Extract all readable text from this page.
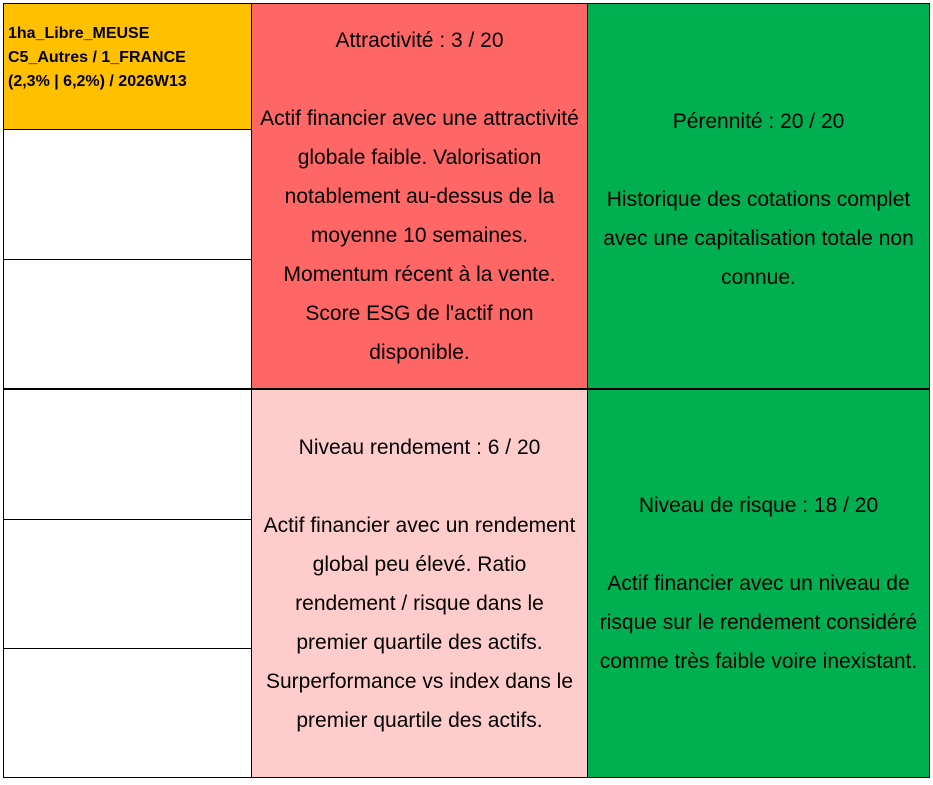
1ha_Libre_MEUSE
C5_Autres / 1_FRANCE
(2,3% | 6,2%) / 2026W13
Attractivité : 3 / 20
Actif financier avec une attractivité globale faible. Valorisation notablement au-dessus de la moyenne 10 semaines. Momentum récent à la vente. Score ESG de l'actif non disponible.
Pérennité : 20 / 20
Historique des cotations complet avec une capitalisation totale non connue.
Niveau rendement : 6 / 20
Actif financier avec un rendement global peu élevé. Ratio rendement / risque dans le premier quartile des actifs. Surperformance vs index dans le premier quartile des actifs.
Niveau de risque : 18 / 20
Actif financier avec un niveau de risque sur le rendement considéré comme très faible voire inexistant.
